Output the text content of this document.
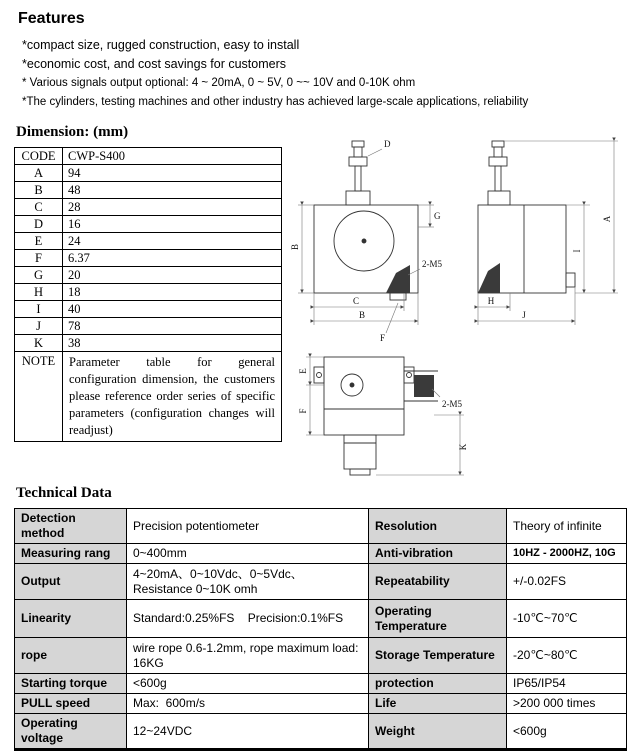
Features
*compact size, rugged construction, easy to install
*economic cost, and cost savings for customers
* Various signals output optional: 4 ~ 20mA, 0 ~ 5V, 0 ~~ 10V and 0-10K ohm
*The cylinders, testing machines and other industry has achieved large-scale applications, reliability
Dimension: (mm)
CODE	CWP-S400
A	94
B	48
C	28
D	16
E	24
F	6.37
G	20
H	18
I	40
J	78
K	38
NOTE	Parameter table for general configuration dimension, the customers please reference order series of specific parameters (configuration changes will readjust)
B
C
B
G
D
2-M5
F
H
J
I
A
E
F
2-M5
K
Technical Data
Detection method	Precision potentiometer	Resolution	Theory of infinite
Measuring rang	0~400mm	Anti-vibration	10HZ - 2000HZ, 10G
Output	4~20mA、0~10Vdc、0~5Vdc、Resistance 0~10K omh	Repeatability	+/-0.02FS
Linearity	Standard:0.25%FS    Precision:0.1%FS	Operating Temperature	-10℃~70℃
rope	wire rope 0.6-1.2mm, rope maximum load: 16KG	Storage Temperature	-20℃~80℃
Starting torque	<600g	protection	IP65/IP54
PULL speed	Max:  600m/s	Life	>200 000 times
Operating voltage	12~24VDC	Weight	<600g
